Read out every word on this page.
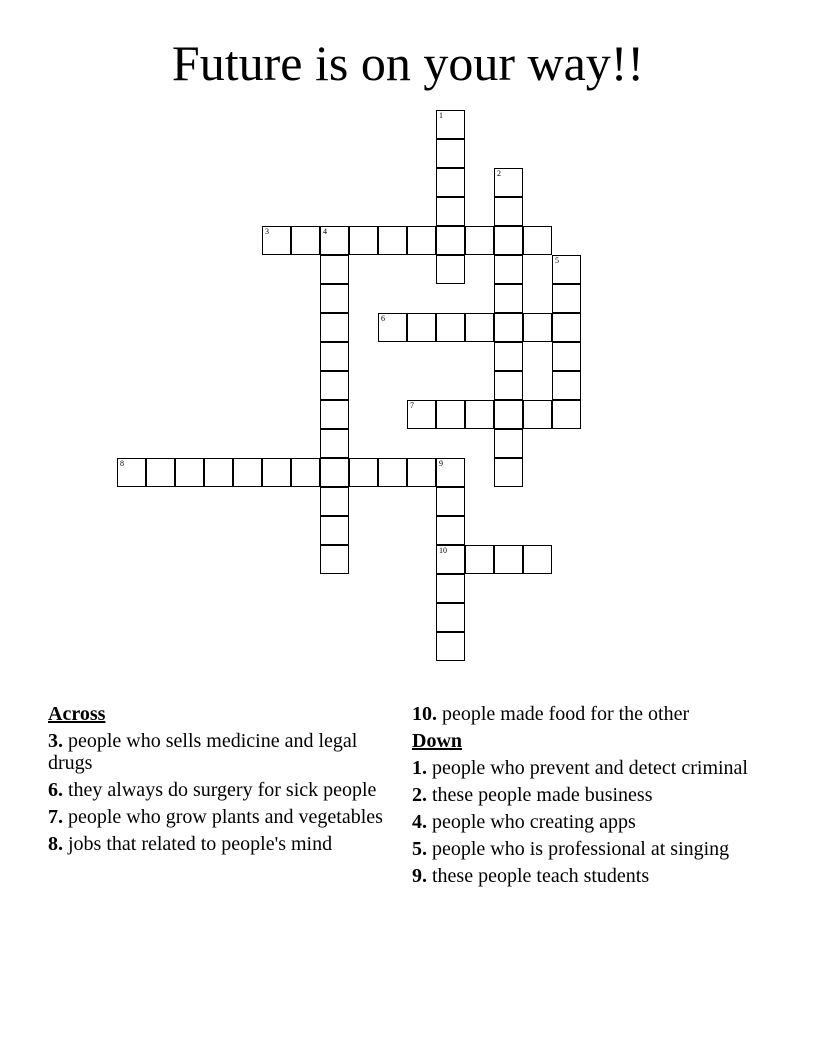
Future is on your way!!
1
2
3	4
5
6
7
8	9
10
Across
3. people who sells medicine and legal drugs
6. they always do surgery for sick people
7. people who grow plants and vegetables
8. jobs that related to people's mind
10. people made food for the other
Down
1. people who prevent and detect criminal
2. these people made business
4. people who creating apps
5. people who is professional at singing
9. these people teach students
